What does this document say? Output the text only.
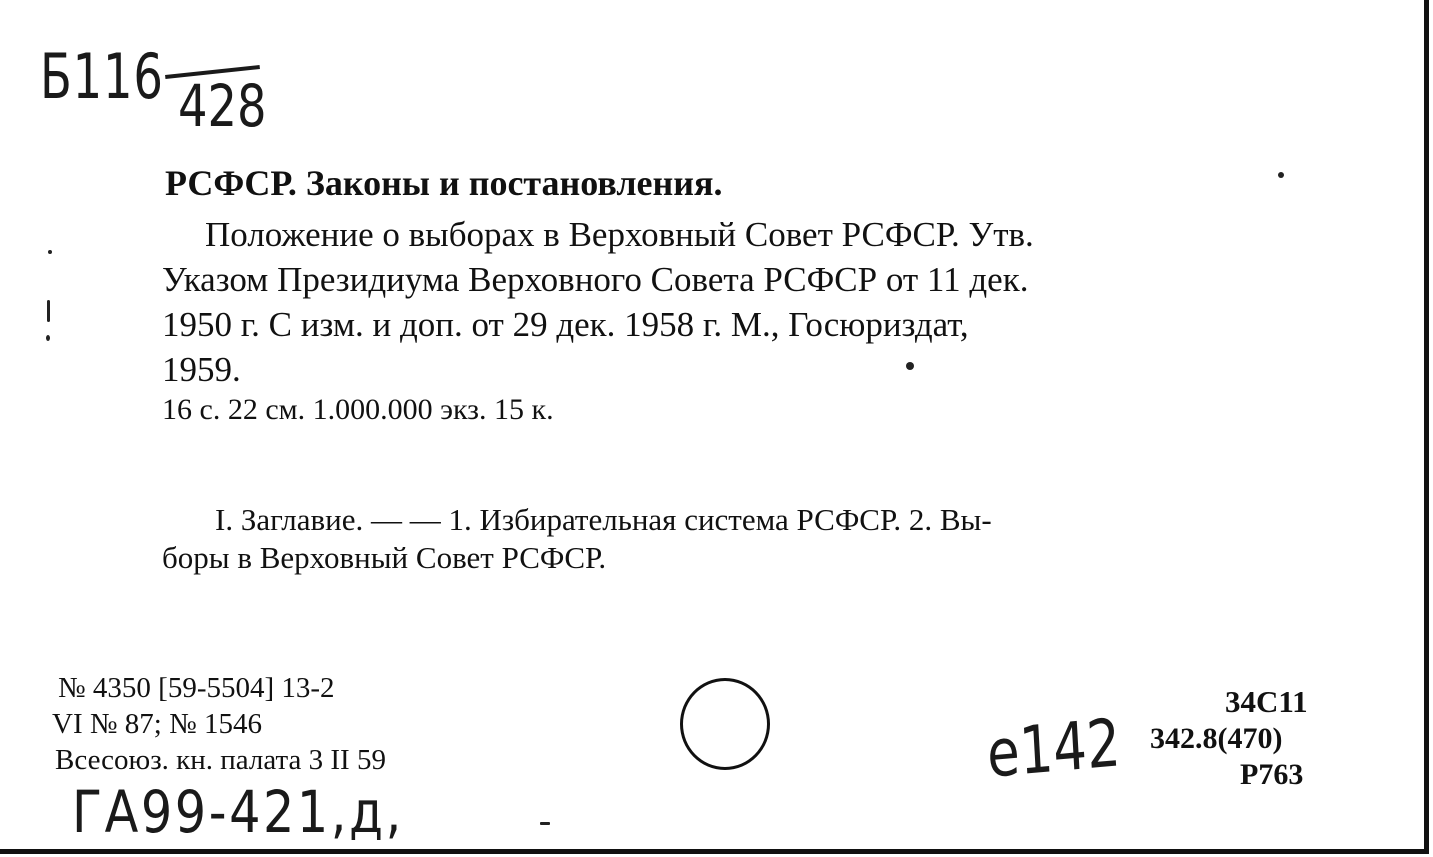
Б116 428
РСФСР. Законы и постановления.
Положение о выборах в Верховный Совет РСФСР. Утв.
Указом Президиума Верховного Совета РСФСР от 11 дек.
1950 г. С изм. и доп. от 29 дек. 1958 г. М., Госюриздат,
1959.
16 с. 22 см. 1.000.000 экз. 15 к.
I. Заглавие. — — 1. Избирательная система РСФСР. 2. Вы-
боры в Верховный Совет РСФСР.
№ 4350 [59-5504] 13-2
VI № 87; № 1546
Всесоюз. кн. палата 3 II 59
ГА99-421,д,
е142
34С11
342.8(470)
Р763
